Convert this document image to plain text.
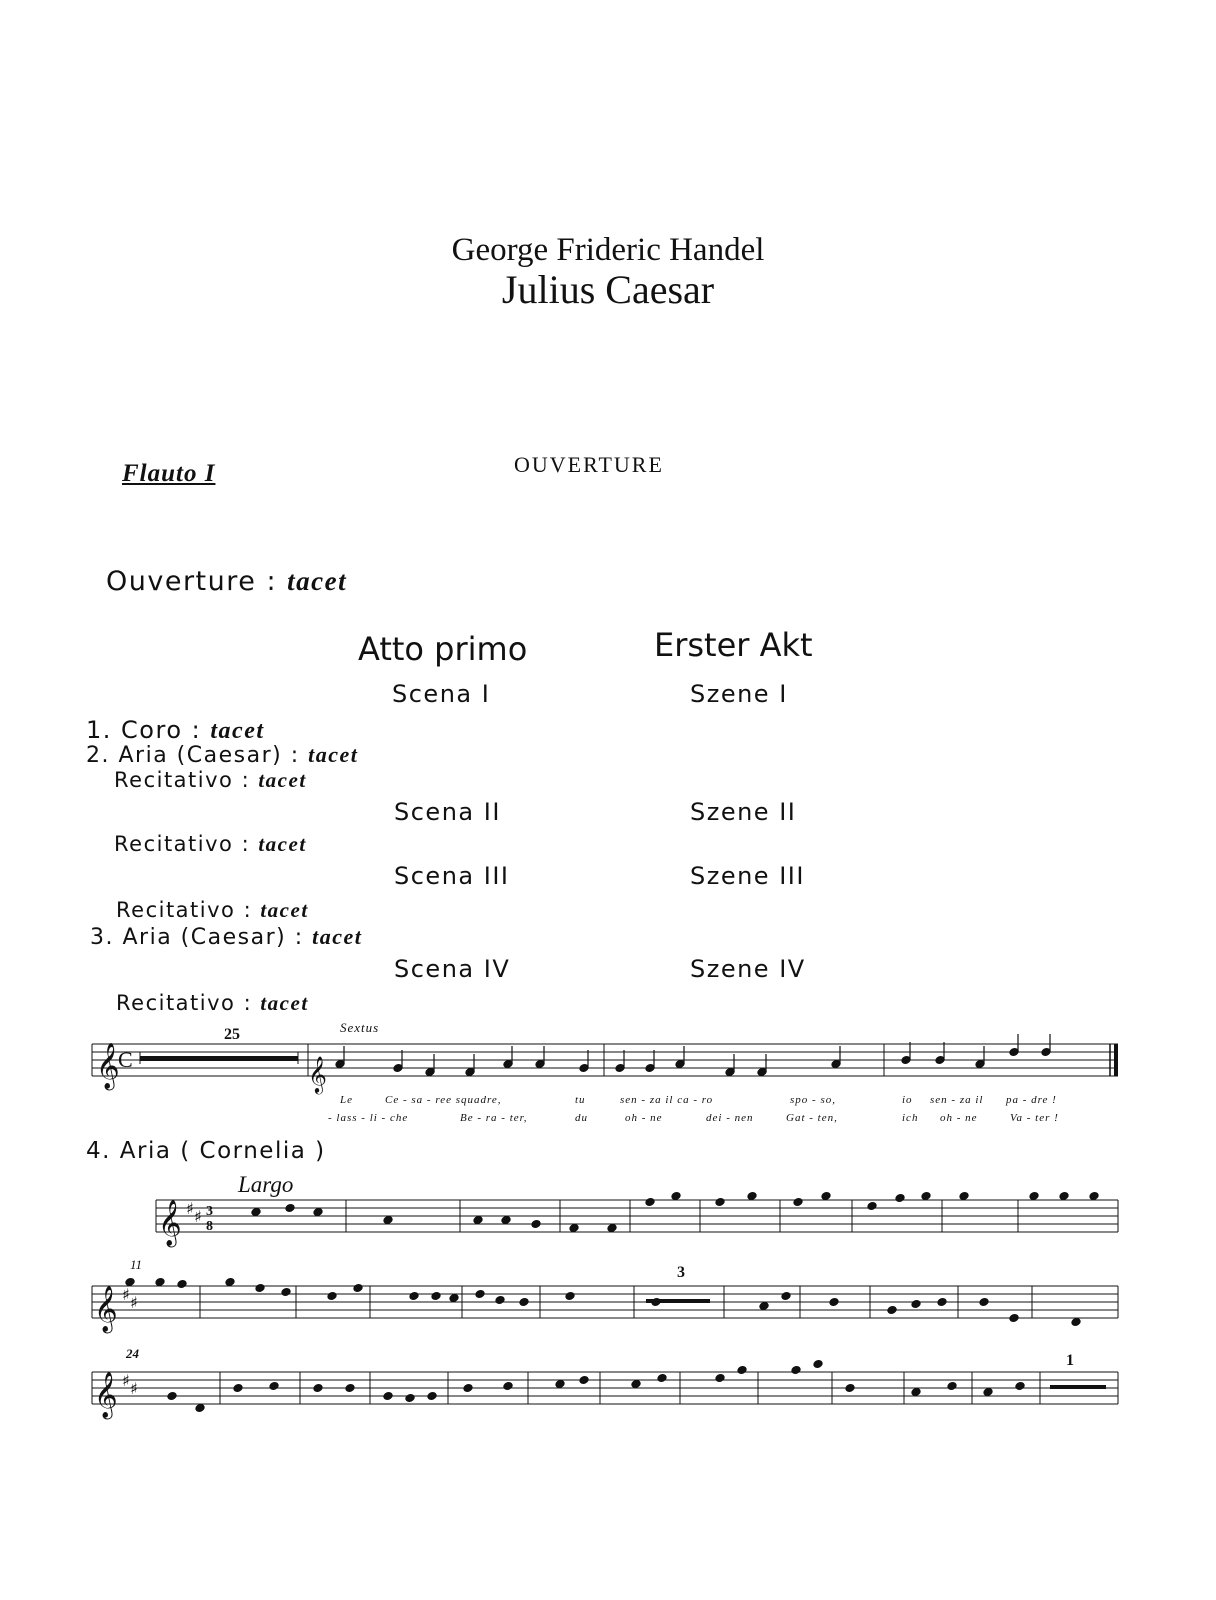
George Frideric Handel
Julius Caesar
Flauto I	OUVERTURE
Ouverture : tacet
Atto primo	Erster Akt
Scena I	Szene I
Scena II	Szene II
Scena III	Szene III
Scena IV	Szene IV
1. Coro : tacet
2. Aria (Caesar) : tacet
Recitativo : tacet
Recitativo : tacet
Recitativo : tacet
3. Aria (Caesar) : tacet
Recitativo : tacet
25	Sextus
Le	Ce - sa - ree squadre,	tu	sen - za il ca - ro	spo - so,	io sen - za il pa - dre !
- lass - li - che	Be - ra - ter,	du	oh - ne	dei - nen	Gat - ten,	ich oh - ne	Va - ter !
4. Aria ( Cornelia )
Largo
11
24
3
1
𝄞
C	𝄞
𝄞 ♯ ♯ 3
8
𝄞 ♯ ♯
𝄞 ♯ ♯
